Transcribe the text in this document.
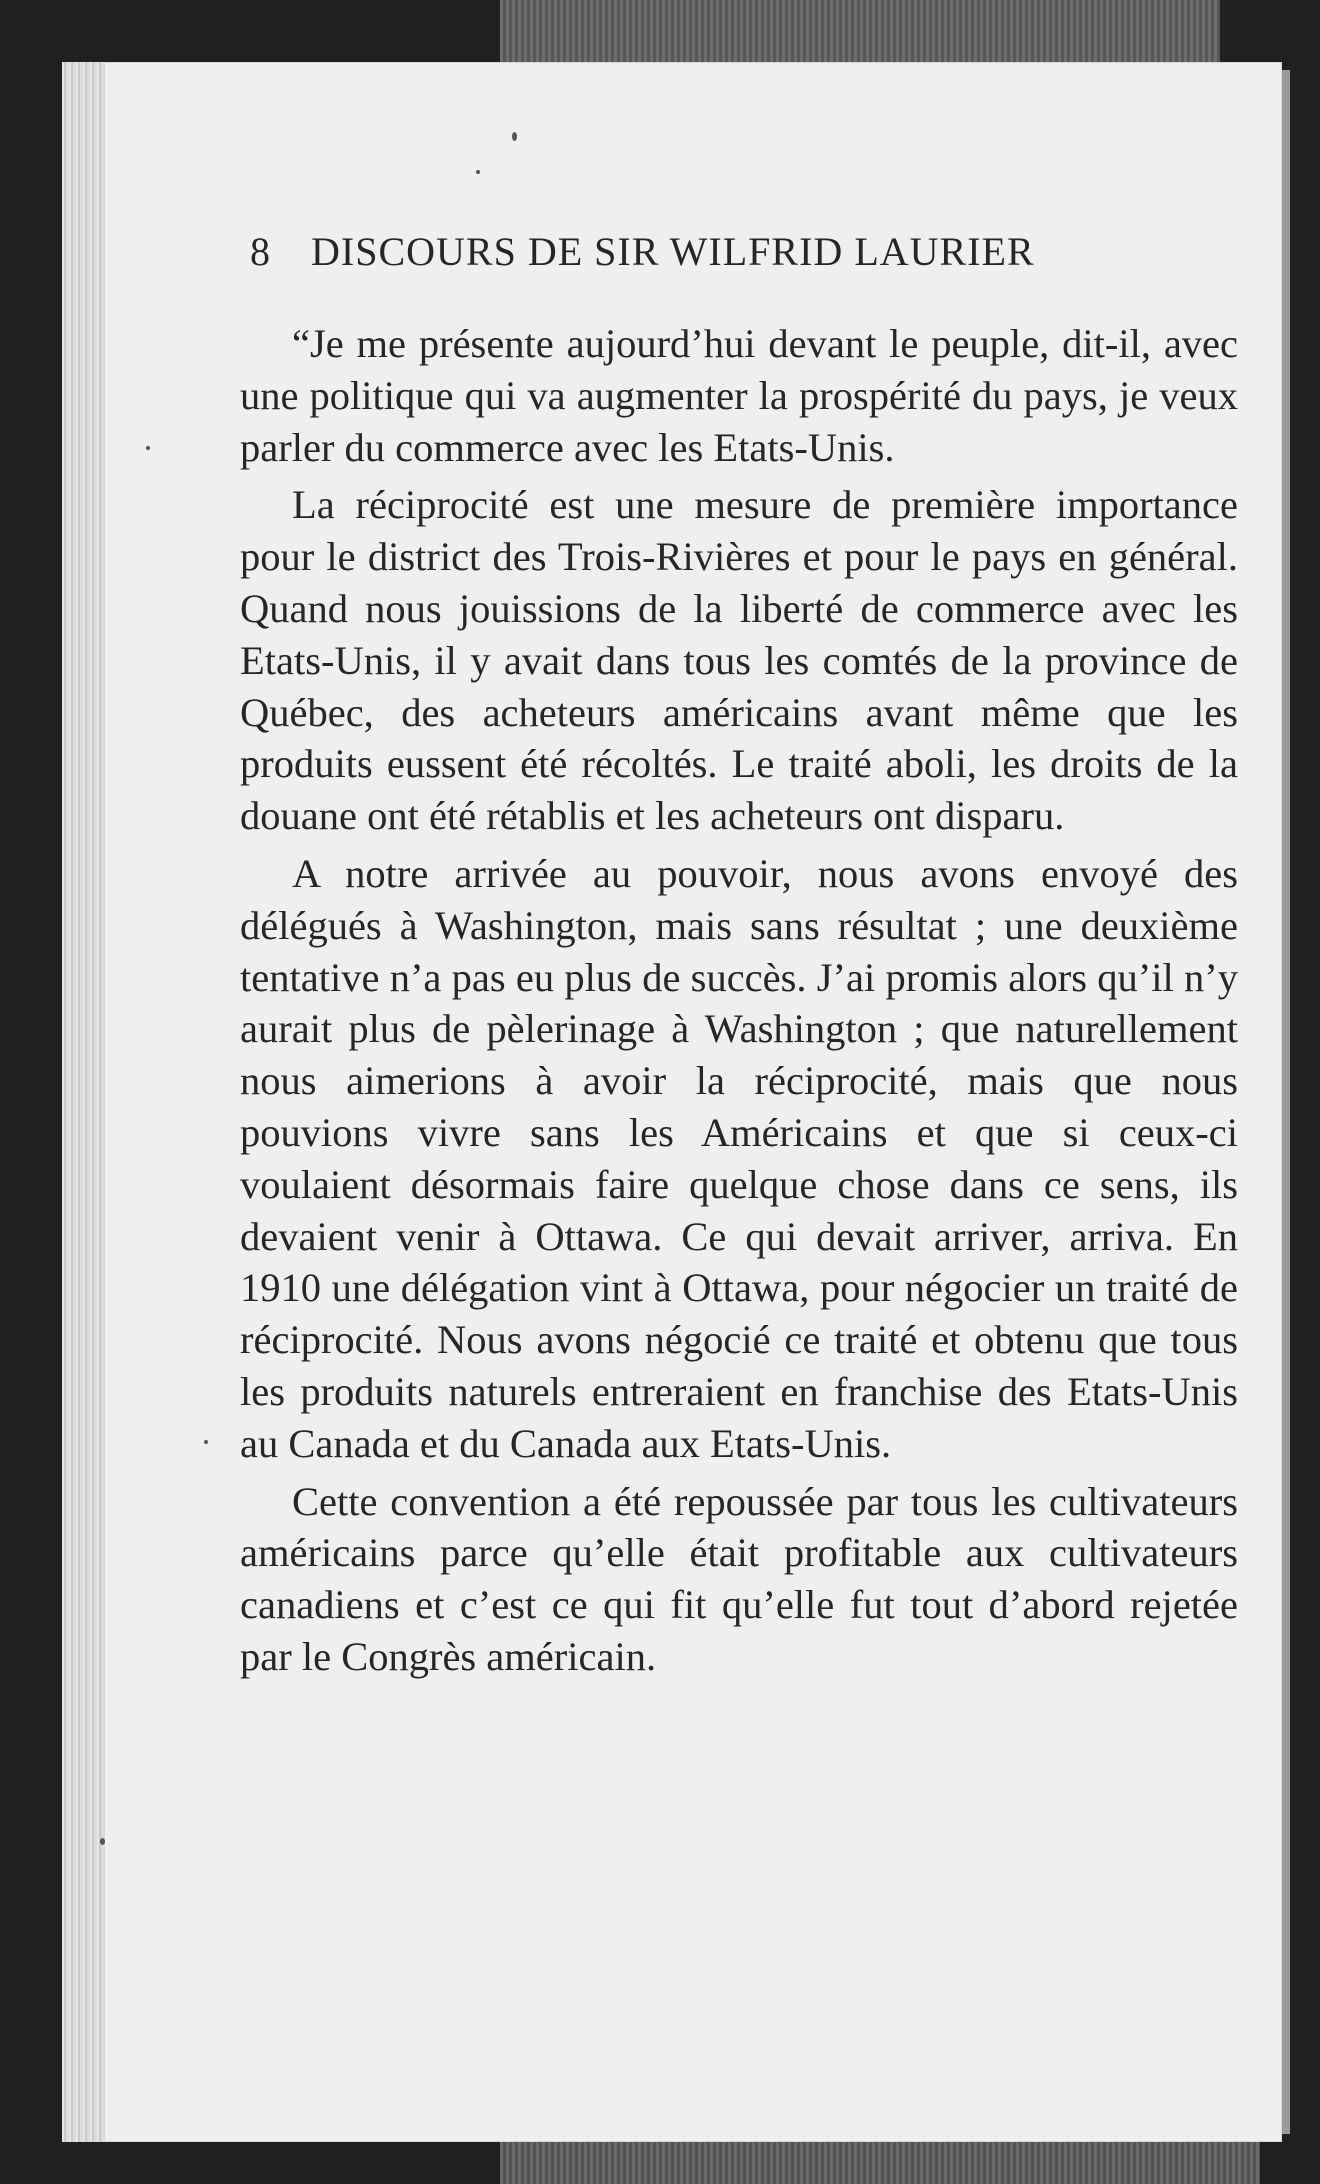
8 DISCOURS DE SIR WILFRID LAURIER

“Je me présente aujourd’hui devant le peuple, dit-il, avec une politique qui va augmenter la prospérité du pays, je veux parler du commerce avec les Etats-Unis.

La réciprocité est une mesure de première importance pour le district des Trois-Rivières et pour le pays en général. Quand nous jouissions de la liberté de commerce avec les Etats-Unis, il y avait dans tous les comtés de la province de Québec, des acheteurs américains avant même que les produits eussent été récoltés. Le traité aboli, les droits de la douane ont été rétablis et les acheteurs ont disparu.

A notre arrivée au pouvoir, nous avons envoyé des délégués à Washington, mais sans résultat ; une deuxième tentative n’a pas eu plus de succès. J’ai promis alors qu’il n’y aurait plus de pèlerinage à Washington ; que naturellement nous aimerions à avoir la réciprocité, mais que nous pouvions vivre sans les Américains et que si ceux-ci voulaient désormais faire quelque chose dans ce sens, ils devaient venir à Ottawa. Ce qui devait arriver, arriva. En 1910 une délégation vint à Ottawa, pour négocier un traité de réciprocité. Nous avons négocié ce traité et obtenu que tous les produits naturels entreraient en franchise des Etats-Unis au Canada et du Canada aux Etats-Unis.

Cette convention a été repoussée par tous les cultivateurs américains parce qu’elle était profitable aux cultivateurs canadiens et c’est ce qui fit qu’elle fut tout d’abord rejetée par le Congrès américain.
